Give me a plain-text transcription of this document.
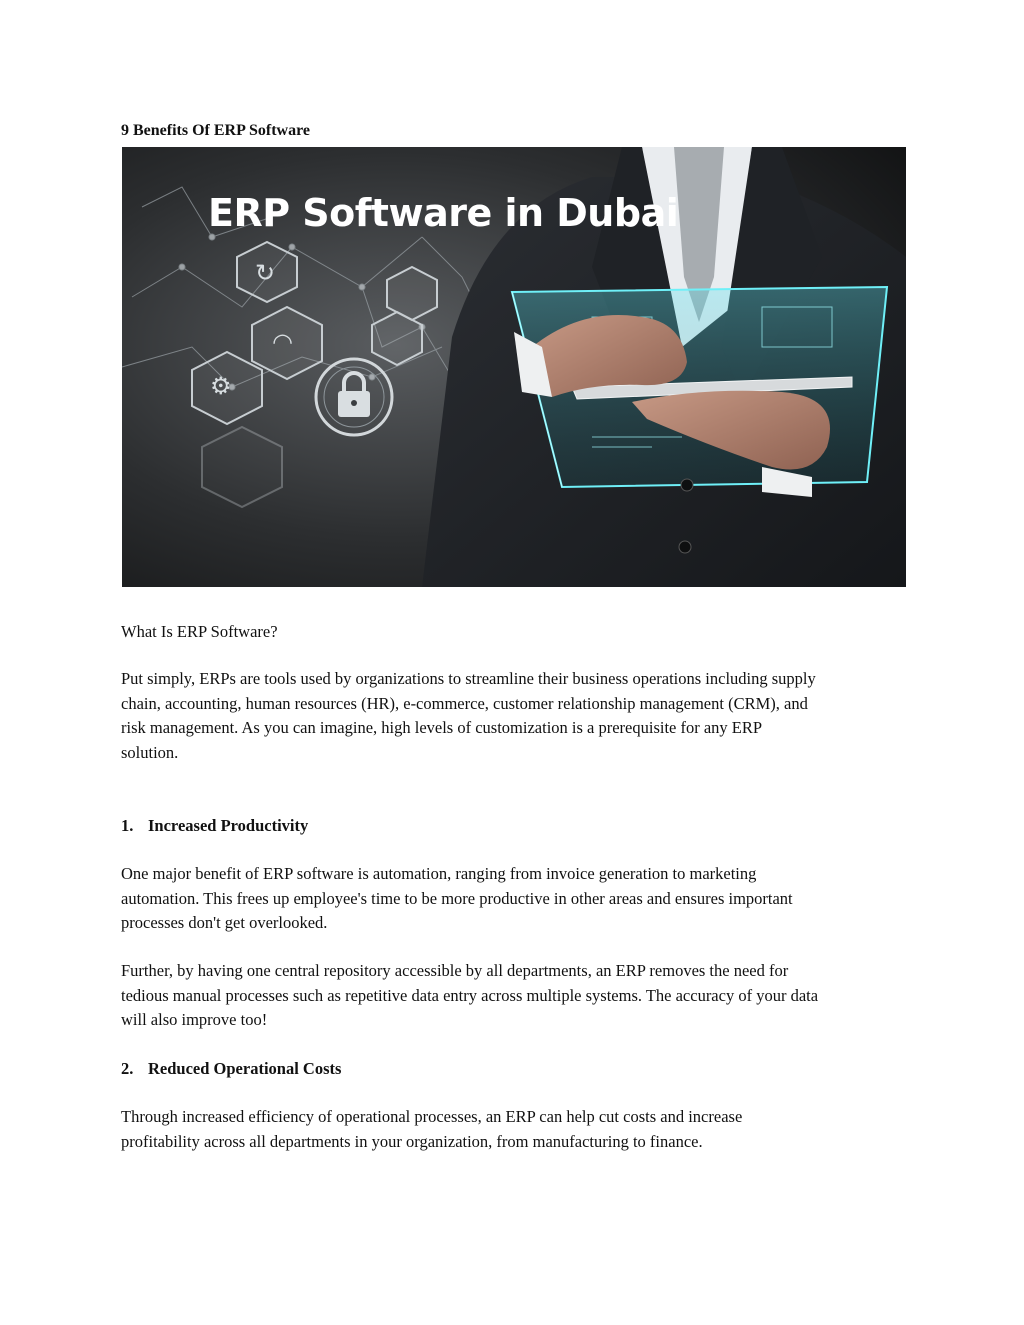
9 Benefits Of ERP Software
↻
◠
⚙
ERP Software in Dubai
What Is ERP Software?
Put simply, ERPs are tools used by organizations to streamline their business operations including supply
chain, accounting, human resources (HR), e-commerce, customer relationship management (CRM), and
risk management. As you can imagine, high levels of customization is a prerequisite for any ERP
solution.
1. Increased Productivity
One major benefit of ERP software is automation, ranging from invoice generation to marketing
automation. This frees up employee's time to be more productive in other areas and ensures important
processes don't get overlooked.
Further, by having one central repository accessible by all departments, an ERP removes the need for
tedious manual processes such as repetitive data entry across multiple systems. The accuracy of your data
will also improve too!
2. Reduced Operational Costs
Through increased efficiency of operational processes, an ERP can help cut costs and increase
profitability across all departments in your organization, from manufacturing to finance.
